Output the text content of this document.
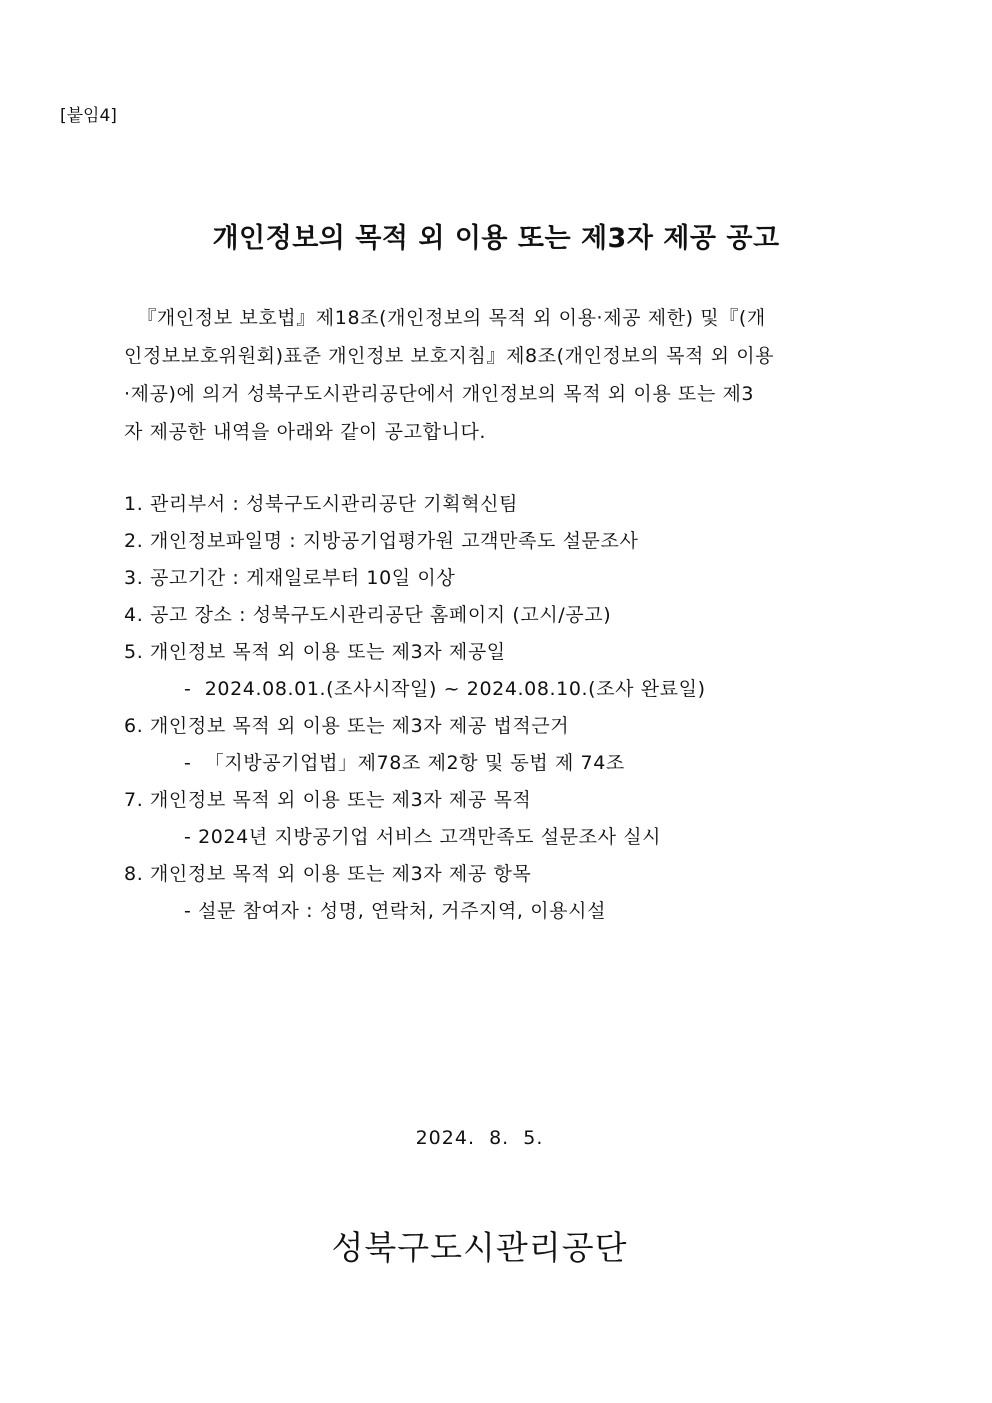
[붙임4]
개인정보의 목적 외 이용 또는 제3자 제공 공고
『개인정보 보호법』제18조(개인정보의 목적 외 이용·제공 제한) 및『(개
인정보보호위원회)표준 개인정보 보호지침』제8조(개인정보의 목적 외 이용
·제공)에 의거 성북구도시관리공단에서 개인정보의 목적 외 이용 또는 제3
자 제공한 내역을 아래와 같이 공고합니다.
1. 관리부서 : 성북구도시관리공단 기획혁신팀
2. 개인정보파일명 : 지방공기업평가원 고객만족도 설문조사
3. 공고기간 : 게재일로부터 10일 이상
4. 공고 장소 : 성북구도시관리공단 홈페이지 (고시/공고)
5. 개인정보 목적 외 이용 또는 제3자 제공일
-  2024.08.01.(조사시작일) ~ 2024.08.10.(조사 완료일)
6. 개인정보 목적 외 이용 또는 제3자 제공 법적근거
-  「지방공기업법」제78조 제2항 및 동법 제 74조
7. 개인정보 목적 외 이용 또는 제3자 제공 목적
- 2024년 지방공기업 서비스 고객만족도 설문조사 실시
8. 개인정보 목적 외 이용 또는 제3자 제공 항목
- 설문 참여자 : 성명, 연락처, 거주지역, 이용시설
2024.  8.  5.
성북구도시관리공단
